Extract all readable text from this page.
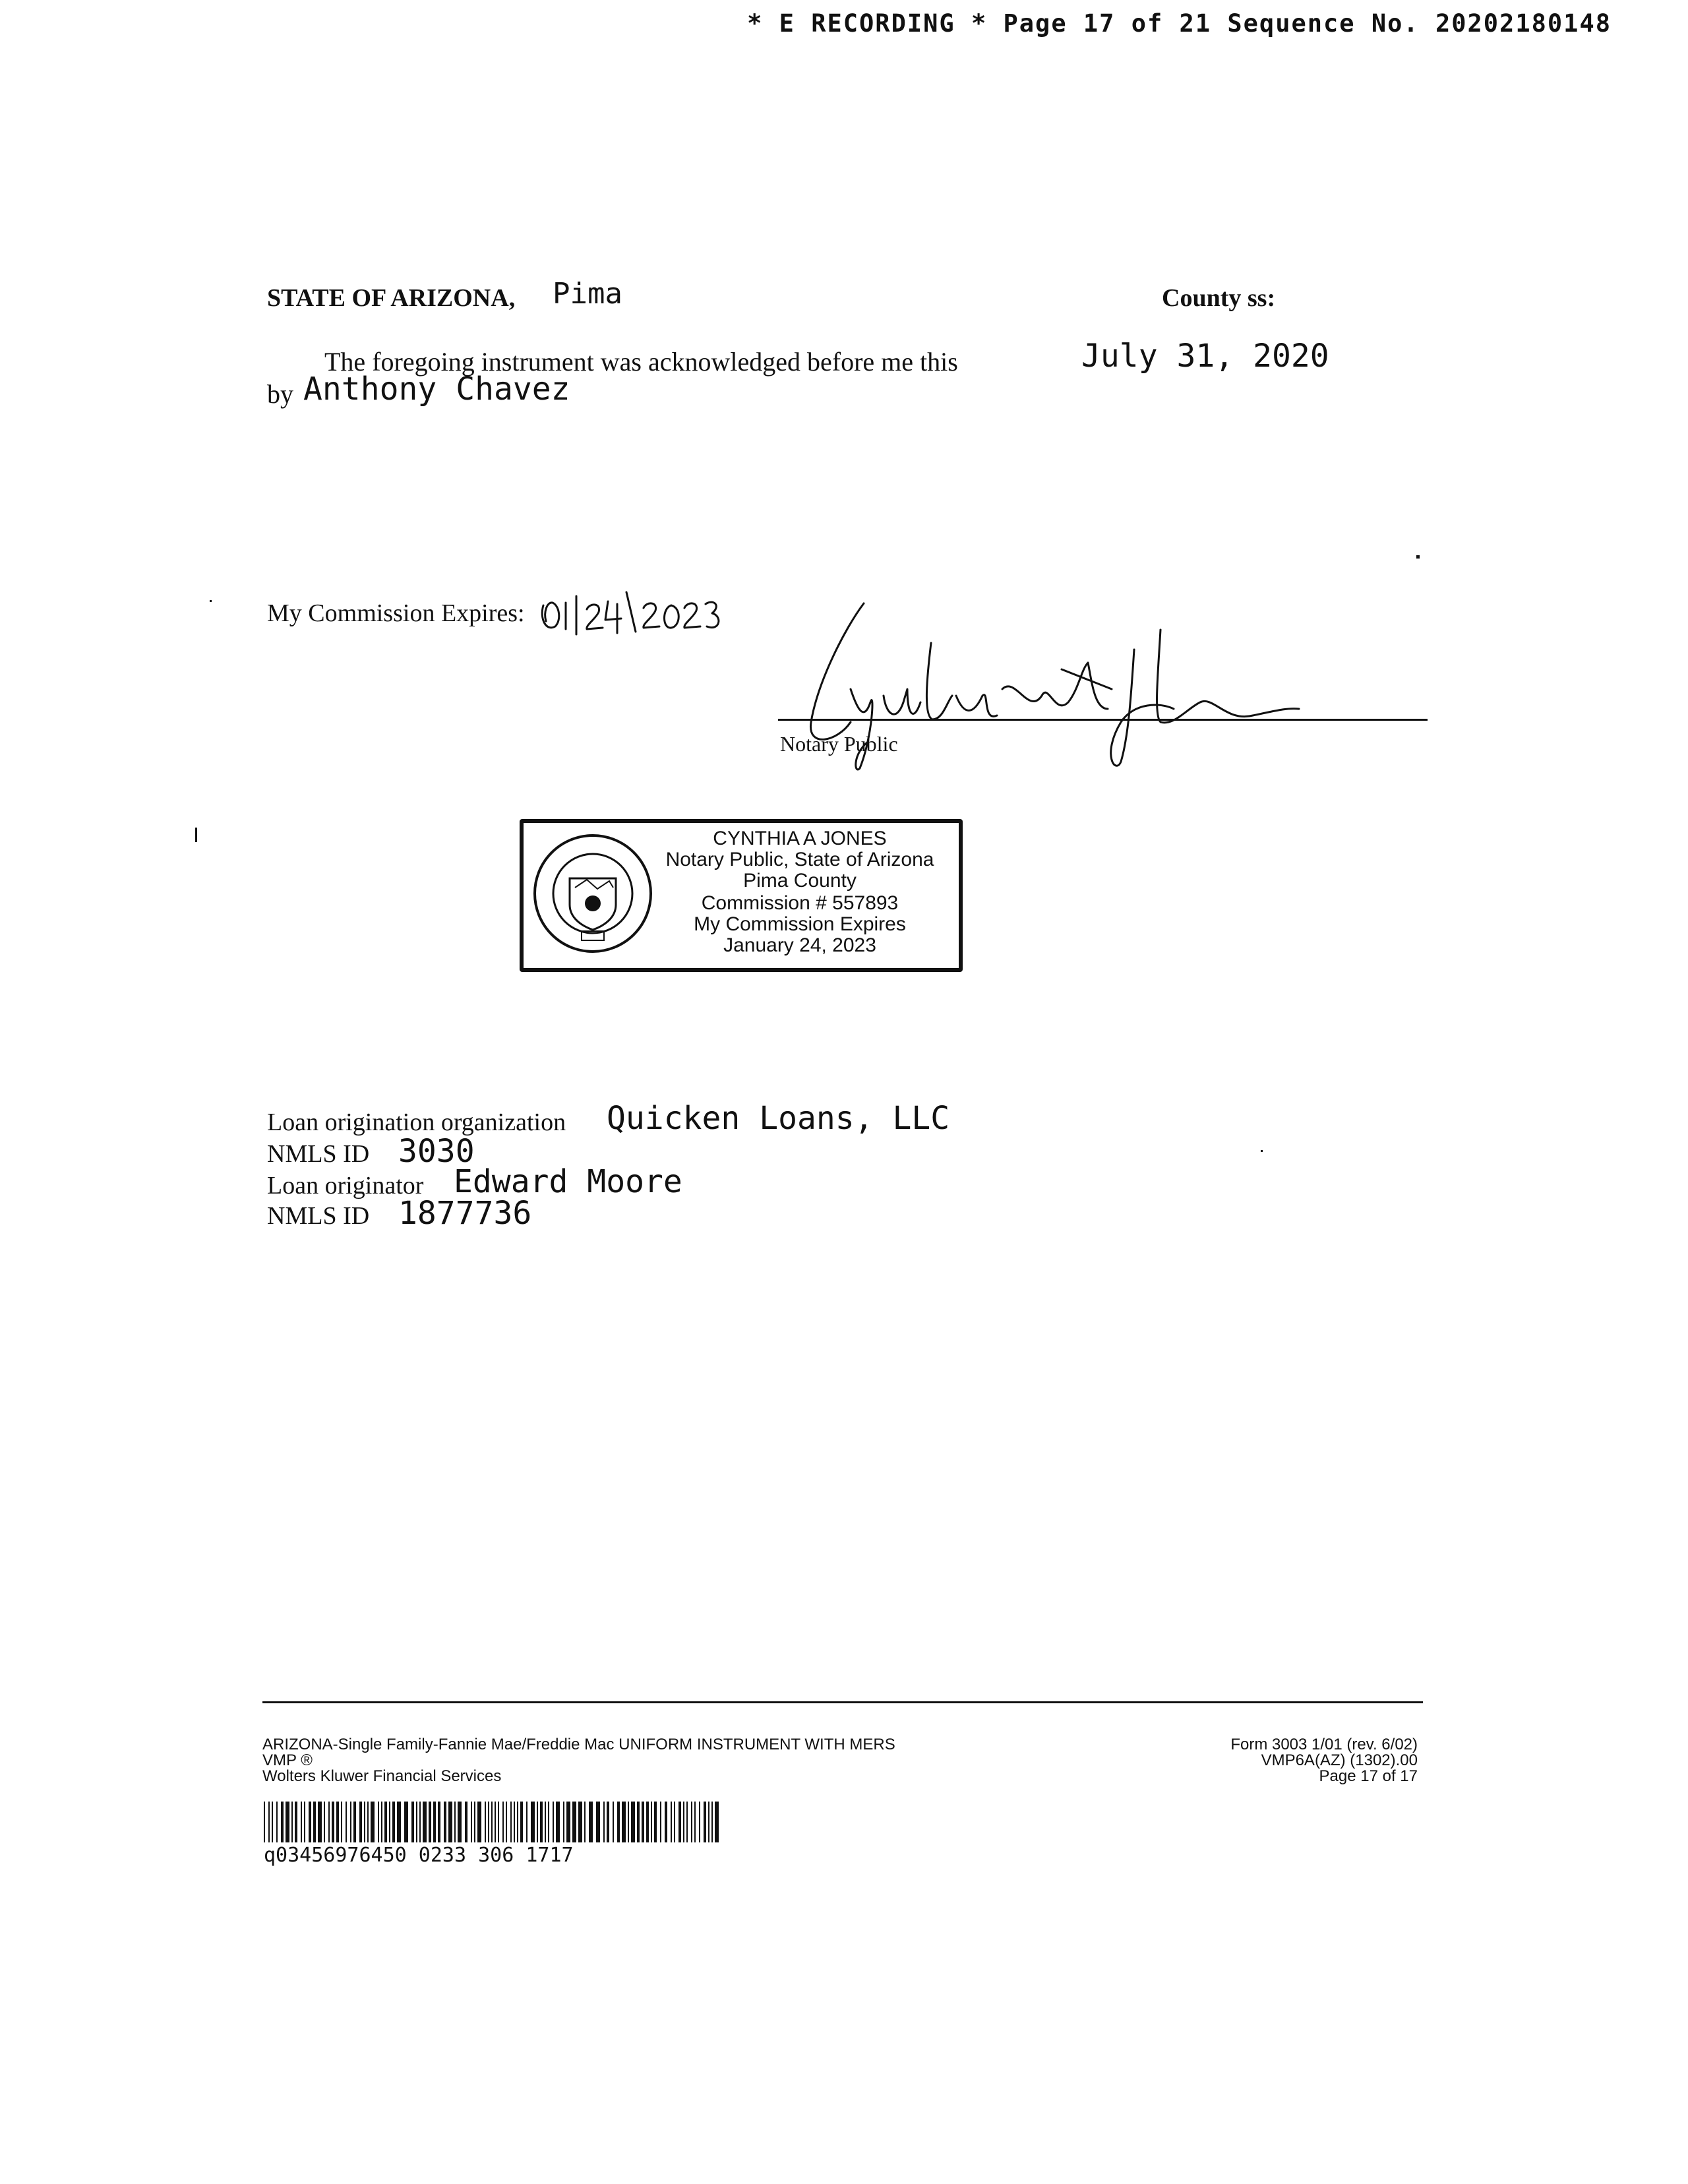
* E RECORDING * Page 17 of 21 Sequence No. 20202180148
STATE OF ARIZONA, Pima	County ss:
The foregoing instrument was acknowledged before me this	July 31, 2020
by Anthony Chavez
My Commission Expires:
Notary Public
CYNTHIA A JONES
Notary Public, State of Arizona
Pima County
Commission # 557893
My Commission Expires
January 24, 2023
Loan origination organization Quicken Loans, LLC
NMLS ID 3030
Loan originator Edward Moore
NMLS ID 1877736
ARIZONA-Single Family-Fannie Mae/Freddie Mac UNIFORM INSTRUMENT WITH MERS
VMP ®
Wolters Kluwer Financial Services
Form 3003 1/01 (rev. 6/02)
VMP6A(AZ) (1302).00
Page 17 of 17
q03456976450 0233 306 1717
